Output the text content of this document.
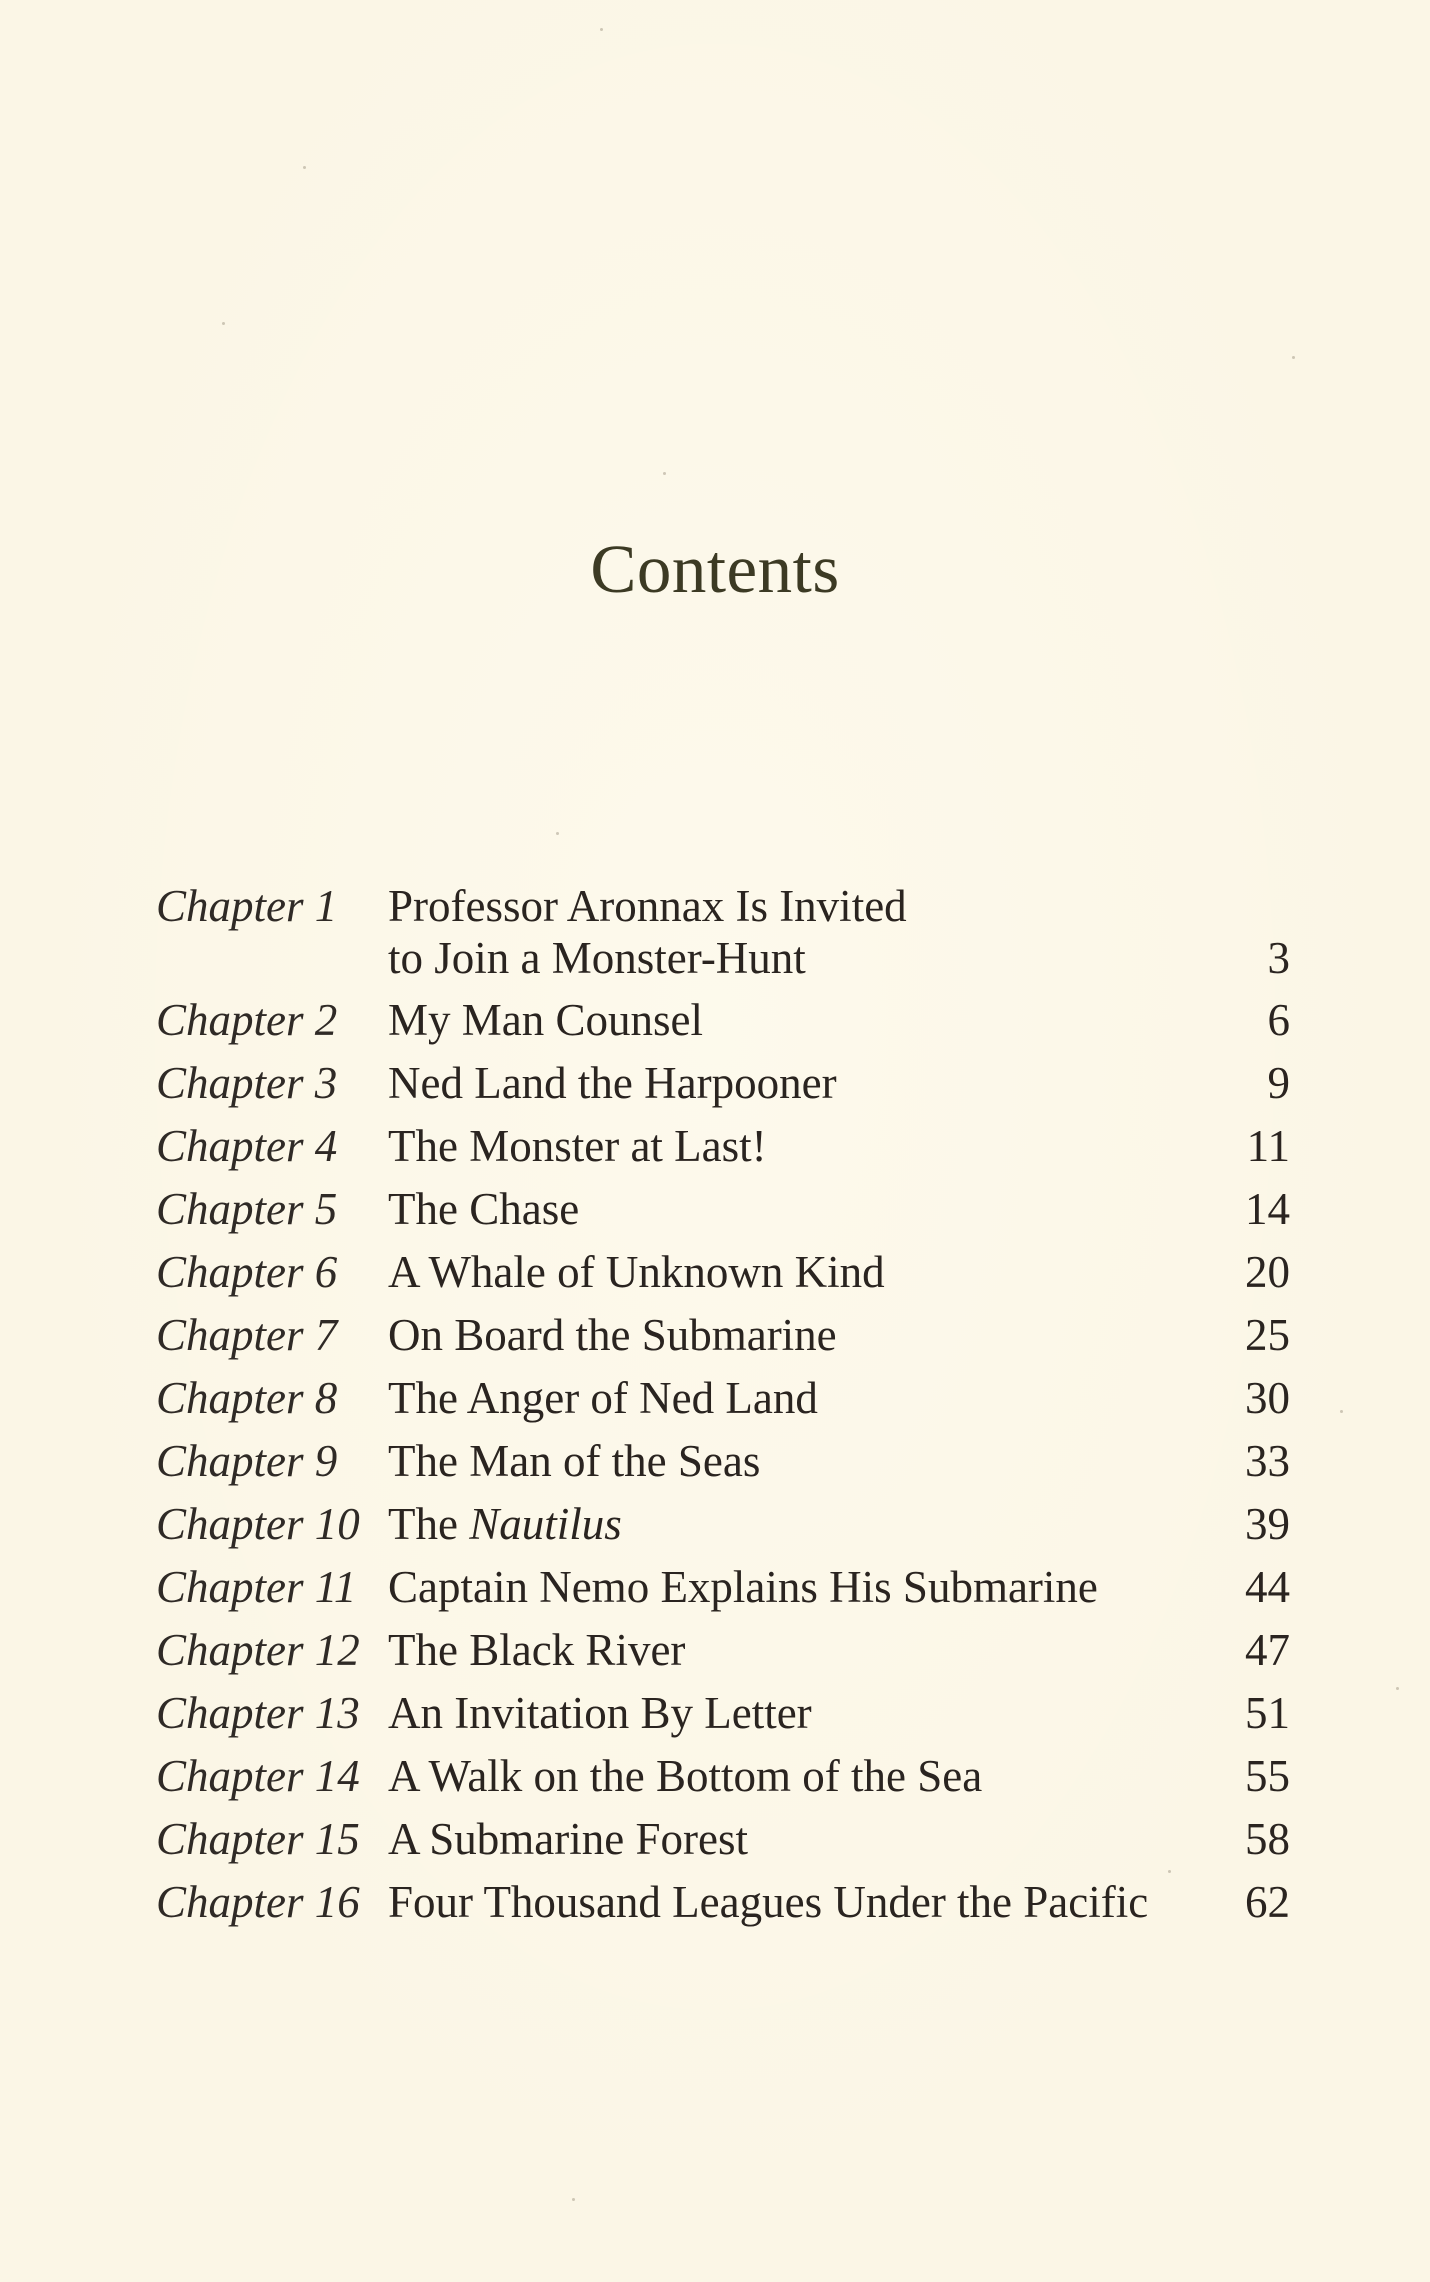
Contents
Chapter 1 Professor Aronnax Is Invited
to Join a Monster-Hunt	3
Chapter 2 My Man Counsel	6
Chapter 3 Ned Land the Harpooner	9
Chapter 4 The Monster at Last!	11
Chapter 5 The Chase	14
Chapter 6 A Whale of Unknown Kind	20
Chapter 7 On Board the Submarine	25
Chapter 8 The Anger of Ned Land	30
Chapter 9 The Man of the Seas	33
Chapter 10 The Nautilus	39
Chapter 11 Captain Nemo Explains His Submarine	44
Chapter 12 The Black River	47
Chapter 13 An Invitation By Letter	51
Chapter 14 A Walk on the Bottom of the Sea	55
Chapter 15 A Submarine Forest	58
Chapter 16 Four Thousand Leagues Under the Pacific 62
